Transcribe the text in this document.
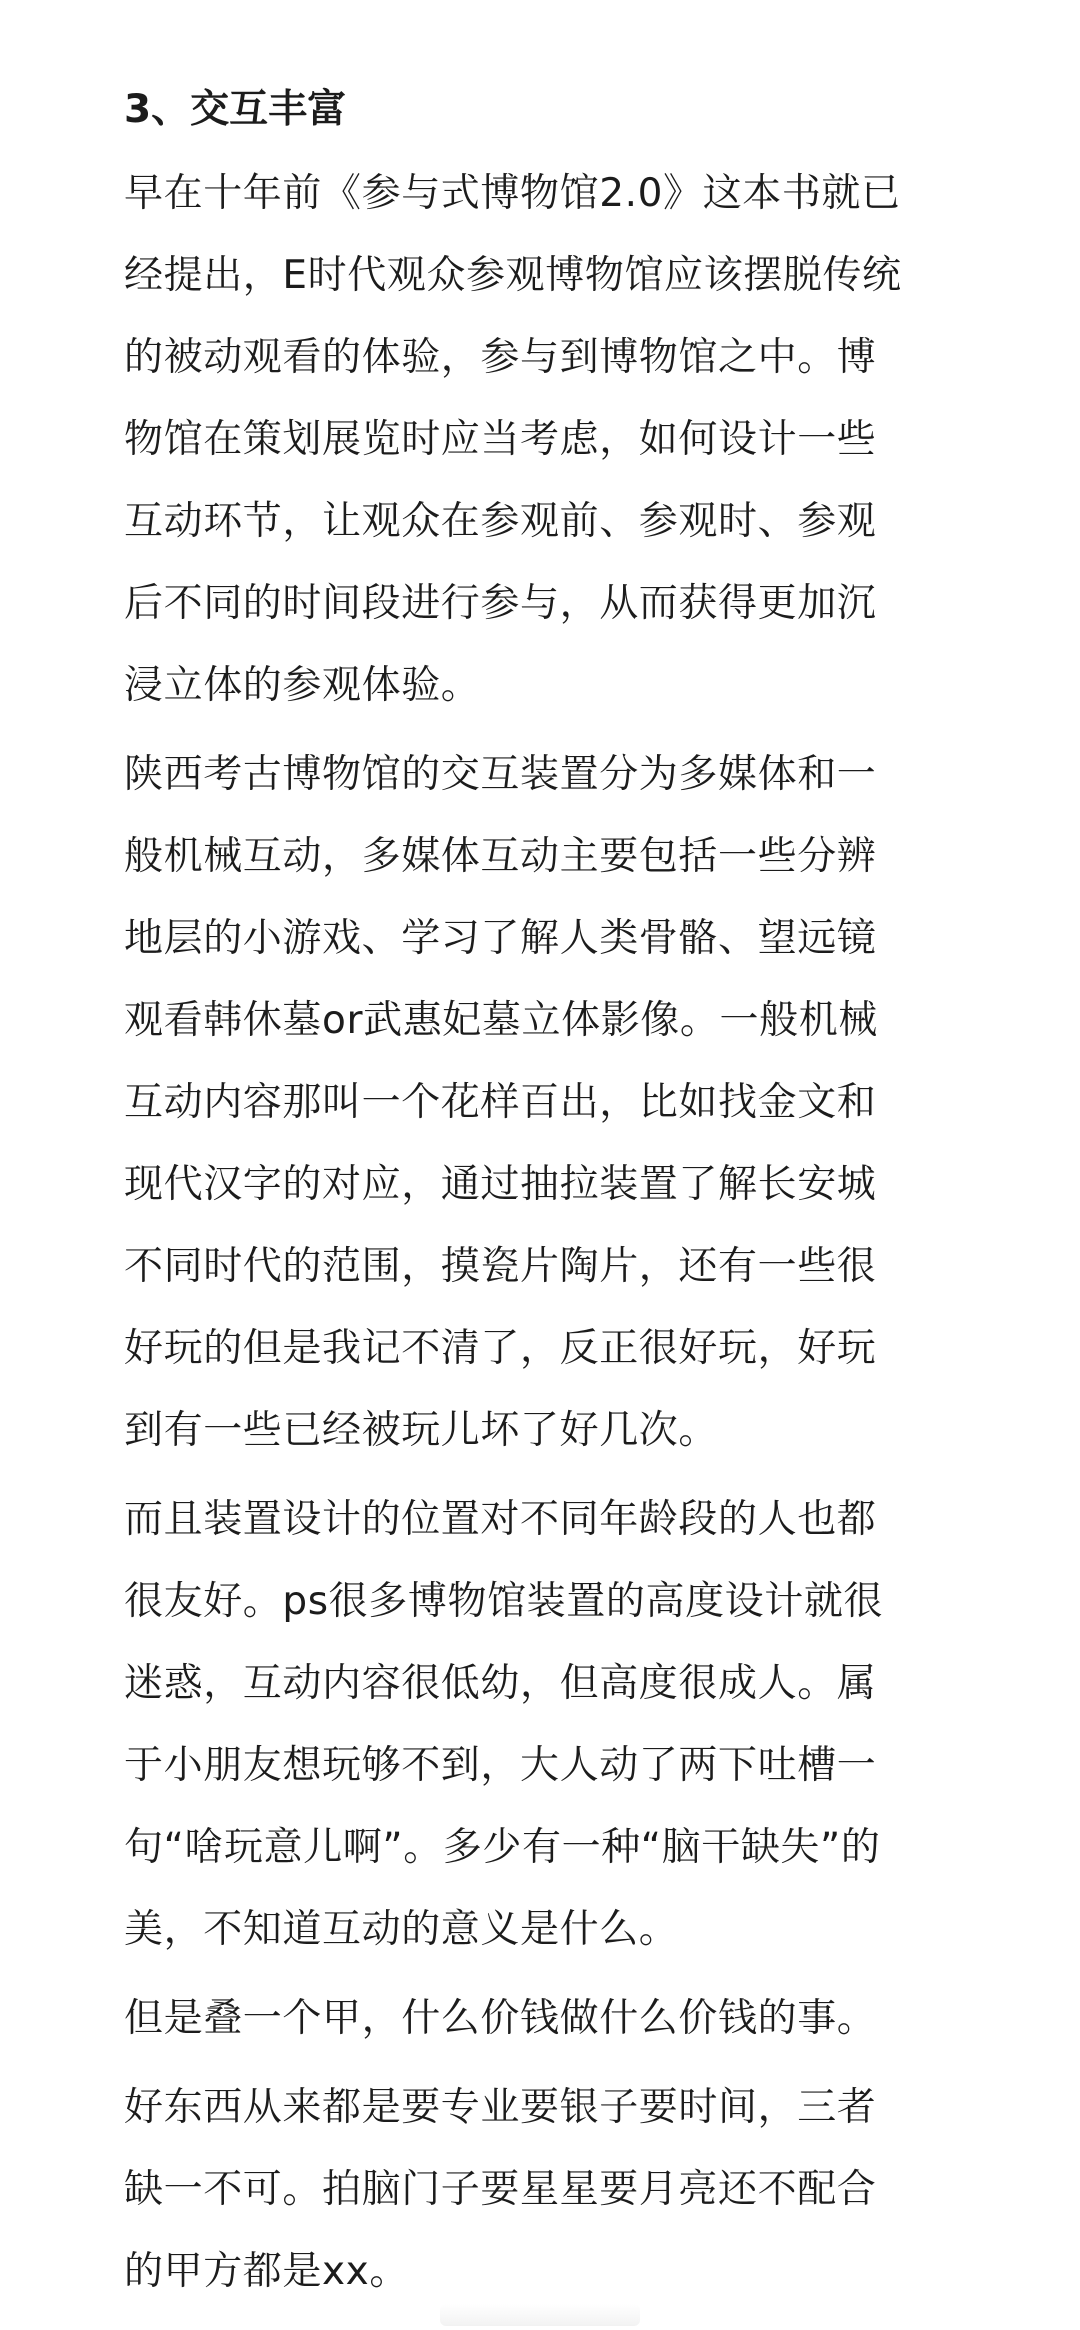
3、交互丰富
早在十年前《参与式博物馆2.0》这本书就已
经提出，E时代观众参观博物馆应该摆脱传统
的被动观看的体验，参与到博物馆之中。博
物馆在策划展览时应当考虑，如何设计一些
互动环节，让观众在参观前、参观时、参观
后不同的时间段进行参与，从而获得更加沉
浸立体的参观体验。
陕西考古博物馆的交互装置分为多媒体和一
般机械互动，多媒体互动主要包括一些分辨
地层的小游戏、学习了解人类骨骼、望远镜
观看韩休墓or武惠妃墓立体影像。一般机械
互动内容那叫一个花样百出，比如找金文和
现代汉字的对应，通过抽拉装置了解长安城
不同时代的范围，摸瓷片陶片，还有一些很
好玩的但是我记不清了，反正很好玩，好玩
到有一些已经被玩儿坏了好几次。
而且装置设计的位置对不同年龄段的人也都
很友好。ps很多博物馆装置的高度设计就很
迷惑，互动内容很低幼，但高度很成人。属
于小朋友想玩够不到，大人动了两下吐槽一
句“啥玩意儿啊”。多少有一种“脑干缺失”的
美，不知道互动的意义是什么。
但是叠一个甲，什么价钱做什么价钱的事。
好东西从来都是要专业要银子要时间，三者
缺一不可。拍脑门子要星星要月亮还不配合
的甲方都是xx。
